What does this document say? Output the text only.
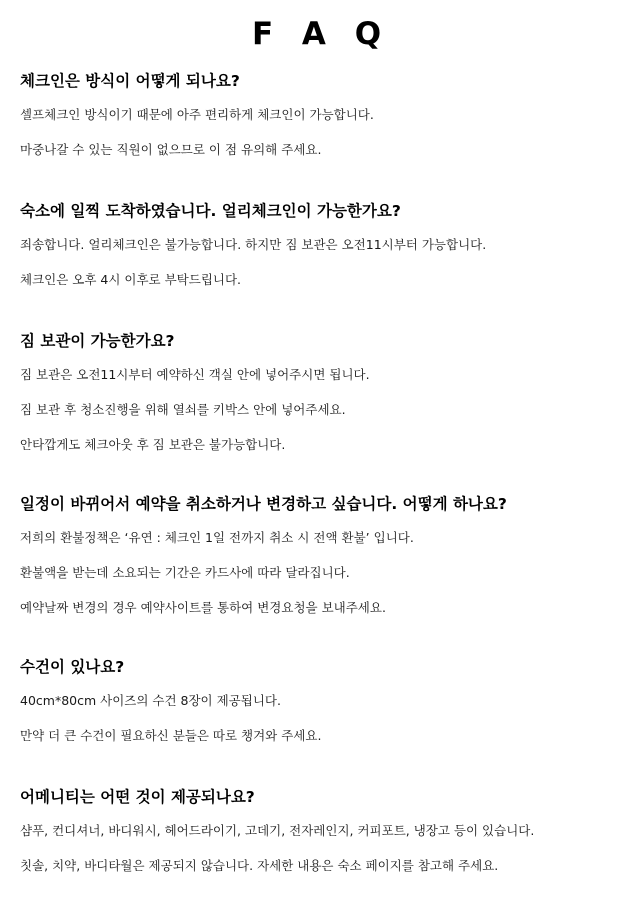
F A Q

체크인은 방식이 어떻게 되나요?

셀프체크인 방식이기 때문에 아주 편리하게 체크인이 가능합니다.

마중나갈 수 있는 직원이 없으므로 이 점 유의해 주세요.

숙소에 일찍 도착하였습니다. 얼리체크인이 가능한가요?

죄송합니다. 얼리체크인은 불가능합니다. 하지만 짐 보관은 오전11시부터 가능합니다.

체크인은 오후 4시 이후로 부탁드립니다.

짐 보관이 가능한가요?

짐 보관은 오전11시부터 예약하신 객실 안에 넣어주시면 됩니다.

짐 보관 후 청소진행을 위해 열쇠를 키박스 안에 넣어주세요.

안타깝게도 체크아웃 후 짐 보관은 불가능합니다.

일정이 바뀌어서 예약을 취소하거나 변경하고 싶습니다. 어떻게 하나요?

저희의 환불정책은 ‘유연 : 체크인 1일 전까지 취소 시 전액 환불’ 입니다.

환불액을 받는데 소요되는 기간은 카드사에 따라 달라집니다.

예약날짜 변경의 경우 예약사이트를 통하여 변경요청을 보내주세요.

수건이 있나요?

40cm*80cm 사이즈의 수건 8장이 제공됩니다.

만약 더 큰 수건이 필요하신 분들은 따로 챙겨와 주세요.

어메니티는 어떤 것이 제공되나요?

샴푸, 컨디셔너, 바디워시, 헤어드라이기, 고데기, 전자레인지, 커피포트, 냉장고 등이 있습니다.

칫솔, 치약, 바디타월은 제공되지 않습니다. 자세한 내용은 숙소 페이지를 참고해 주세요.
